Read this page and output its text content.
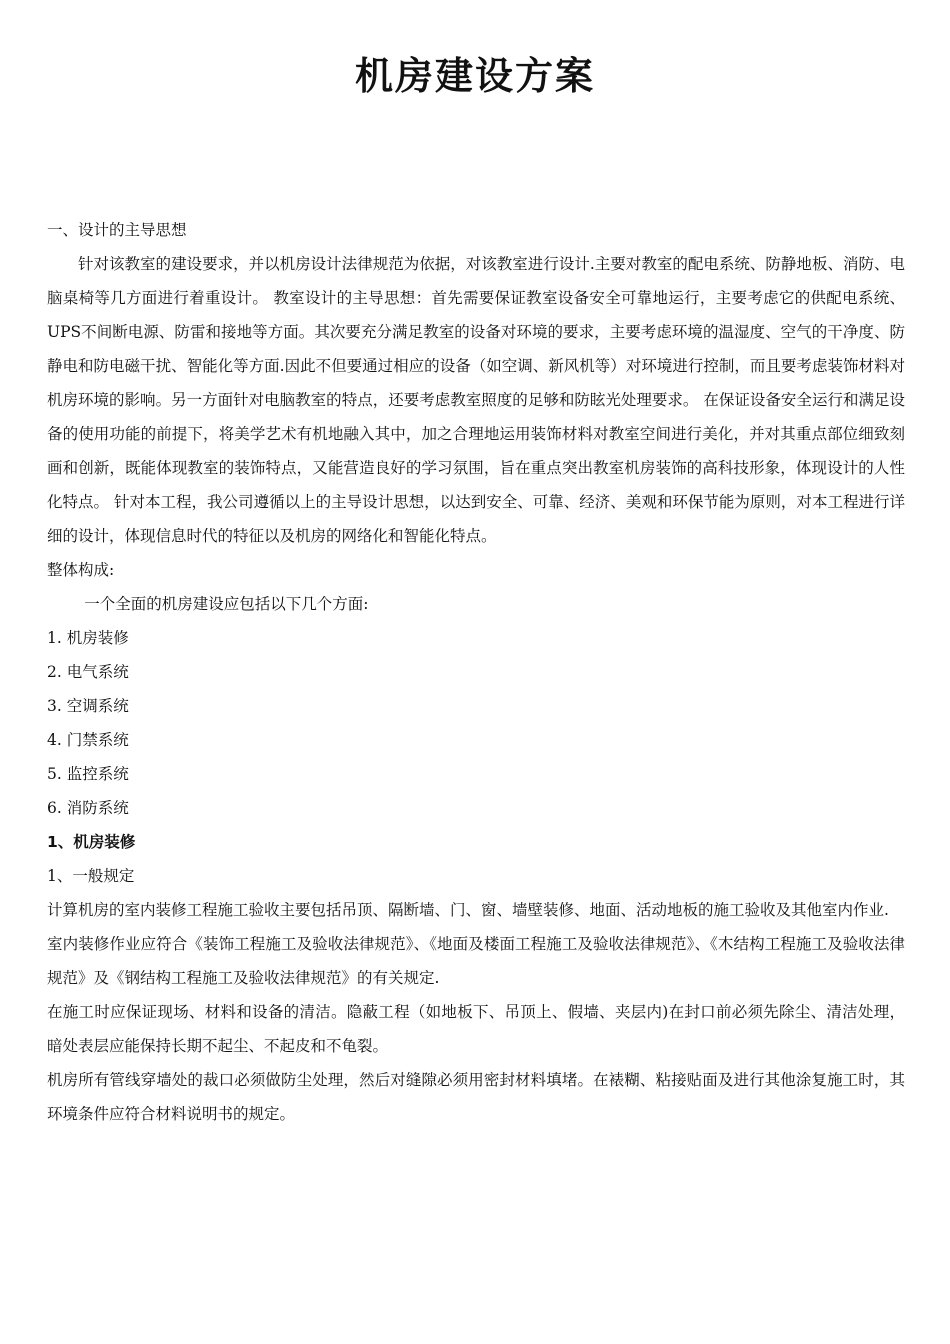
机房建设方案

一、设计的主导思想

针对该教室的建设要求，并以机房设计法律规范为依据，对该教室进行设计.主要对教室的配电系统、防静地板、消防、电脑桌椅等几方面进行着重设计。 教室设计的主导思想：首先需要保证教室设备安全可靠地运行，主要考虑它的供配电系统、UPS不间断电源、防雷和接地等方面。其次要充分满足教室的设备对环境的要求，主要考虑环境的温湿度、空气的干净度、防静电和防电磁干扰、智能化等方面.因此不但要通过相应的设备（如空调、新风机等）对环境进行控制，而且要考虑装饰材料对机房环境的影响。另一方面针对电脑教室的特点，还要考虑教室照度的足够和防眩光处理要求。 在保证设备安全运行和满足设备的使用功能的前提下，将美学艺术有机地融入其中，加之合理地运用装饰材料对教室空间进行美化，并对其重点部位细致刻画和创新，既能体现教室的装饰特点，又能营造良好的学习氛围，旨在重点突出教室机房装饰的高科技形象，体现设计的人性化特点。 针对本工程，我公司遵循以上的主导设计思想，以达到安全、可靠、经济、美观和环保节能为原则，对本工程进行详细的设计，体现信息时代的特征以及机房的网络化和智能化特点。

整体构成:

一个全面的机房建设应包括以下几个方面:

1. 机房装修

2. 电气系统

3. 空调系统

4. 门禁系统

5. 监控系统

6. 消防系统

1、机房装修

1、一般规定

计算机房的室内装修工程施工验收主要包括吊顶、隔断墙、门、窗、墙壁装修、地面、活动地板的施工验收及其他室内作业.

室内装修作业应符合《装饰工程施工及验收法律规范》、《地面及楼面工程施工及验收法律规范》、《木结构工程施工及验收法律规范》及《钢结构工程施工及验收法律规范》的有关规定.

在施工时应保证现场、材料和设备的清洁。隐蔽工程（如地板下、吊顶上、假墙、夹层内)在封口前必须先除尘、清洁处理，暗处表层应能保持长期不起尘、不起皮和不龟裂。

机房所有管线穿墙处的裁口必须做防尘处理，然后对缝隙必须用密封材料填堵。在裱糊、粘接贴面及进行其他涂复施工时，其环境条件应符合材料说明书的规定。
